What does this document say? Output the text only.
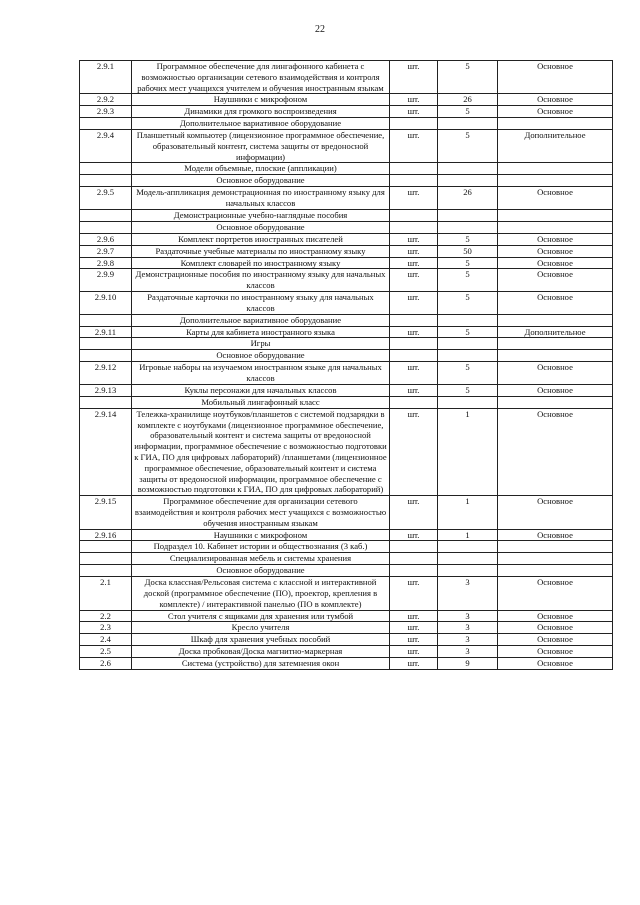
22
2.9.1	Программное обеспечение для лингафонного кабинета с возможностью организации сетевого взаимодействия и контроля рабочих мест учащихся учителем и обучения иностранным языкам	шт.	5	Основное
2.9.2	Наушники с микрофоном	шт.	26	Основное
2.9.3	Динамики для громкого воспроизведения	шт.	5	Основное
	Дополнительное вариативное оборудование			
2.9.4	Планшетный компьютер (лицензионное программное обеспечение, образовательный контент, система защиты от вредоносной информации)	шт.	5	Дополнительное
	Модели объемные, плоские (аппликации)			
	Основное оборудование			
2.9.5	Модель-аппликация демонстрационная по иностранному языку для начальных классов	шт.	26	Основное
	Демонстрационные учебно-наглядные пособия			
	Основное оборудование			
2.9.6	Комплект портретов иностранных писателей	шт.	5	Основное
2.9.7	Раздаточные учебные материалы по иностранному языку	шт.	50	Основное
2.9.8	Комплект словарей по иностранному языку	шт.	5	Основное
2.9.9	Демонстрационные пособия по иностранному языку для начальных классов	шт.	5	Основное
2.9.10	Раздаточные карточки по иностранному языку для начальных классов	шт.	5	Основное
	Дополнительное вариативное оборудование			
2.9.11	Карты для кабинета иностранного языка	шт.	5	Дополнительное
	Игры			
	Основное оборудование			
2.9.12	Игровые наборы на изучаемом иностранном языке для начальных классов	шт.	5	Основное
2.9.13	Куклы персонажи для начальных классов	шт.	5	Основное
	Мобильный лингафонный класс			
2.9.14	Тележка-хранилище ноутбуков/планшетов с системой подзарядки в комплекте с ноутбуками (лицензионное программное обеспечение, образовательный контент и система защиты от вредоносной информации, программное обеспечение с возможностью подготовки к ГИА, ПО для цифровых лабораторий) /планшетами (лицензионное программное обеспечение, образовательный контент и система защиты от вредоносной информации, программное обеспечение с возможностью подготовки к ГИА, ПО для цифровых лабораторий)	шт.	1	Основное
2.9.15	Программное обеспечение для организации сетевого взаимодействия и контроля рабочих мест учащихся с возможностью обучения иностранным языкам	шт.	1	Основное
2.9.16	Наушники с микрофоном	шт.	1	Основное
	Подраздел 10. Кабинет истории и обществознания (3 каб.)			
	Специализированная мебель и системы хранения			
	Основное оборудование			
2.1	Доска классная/Рельсовая система с классной и интерактивной доской (программное обеспечение (ПО), проектор, крепления в комплекте) / интерактивной панелью (ПО в комплекте)	шт.	3	Основное
2.2	Стол учителя с ящиками для хранения или тумбой	шт.	3	Основное
2.3	Кресло учителя	шт.	3	Основное
2.4	Шкаф для хранения учебных пособий	шт.	3	Основное
2.5	Доска пробковая/Доска магнитно-маркерная	шт.	3	Основное
2.6	Система (устройство) для затемнения окон	шт.	9	Основное
